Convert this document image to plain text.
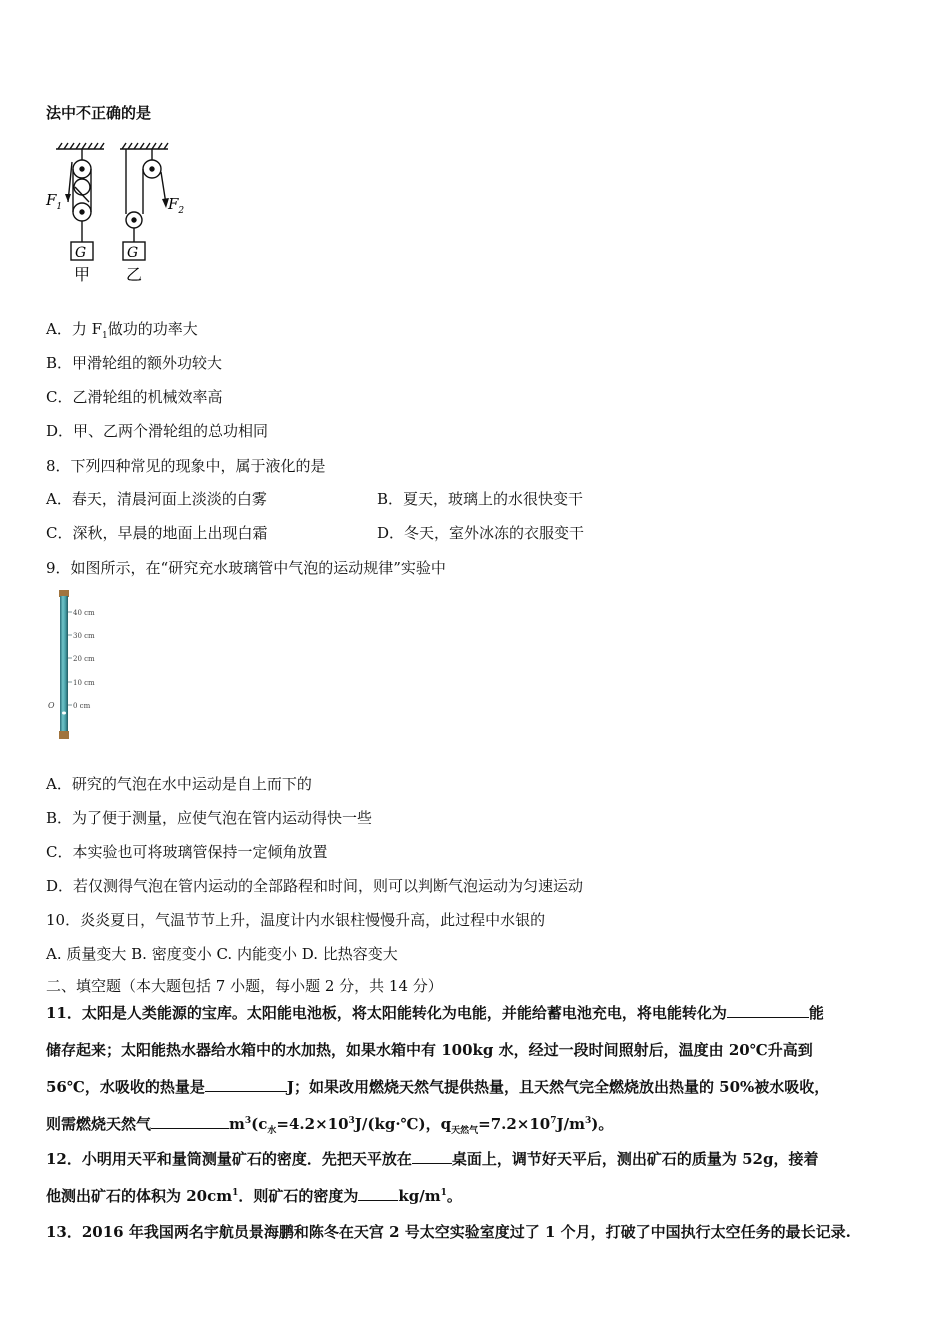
法中不正确的是
$F_1$	$F_2$
G	G
甲 乙
A．力 $F_1$做功的功率大
B．甲滑轮组的额外功较大
C．乙滑轮组的机械效率高
D．甲、乙两个滑轮组的总功相同
8．下列四种常见的现象中，属于液化的是
A．春天，清晨河面上淡淡的白雾	B．夏天，玻璃上的水很快变干
C．深秋，早晨的地面上出现白霜	D．冬天，室外冰冻的衣服变干
9．如图所示，在“研究充水玻璃管中气泡的运动规律”实验中
40 cm
30 cm
20 cm
10 cm
0 cm
O
A．研究的气泡在水中运动是自上而下的
B．为了便于测量，应使气泡在管内运动得快一些
C．本实验也可将玻璃管保持一定倾角放置
D．若仅测得气泡在管内运动的全部路程和时间，则可以判断气泡运动为匀速运动
10．炎炎夏日，气温节节上升，温度计内水银柱慢慢升高，此过程中水银的
A. 质量变大 B. 密度变小 C. 内能变小 D. 比热容变大
二、填空题（本大题包括 7 小题，每小题 2 分，共 14 分）
11．太阳是人类能源的宝库。太阳能电池板，将太阳能转化为电能，并能给蓄电池充电，将电能转化为	能
储存起来；太阳能热水器给水箱中的水加热，如果水箱中有 100kg 水，经过一段时间照射后，温度由 20℃升高到
56℃，水吸收的热量是	J；如果改用燃烧天然气提供热量，且天然气完全燃烧放出热量的 50%被水吸收，
则需燃烧天然气	$m^3(c_水=4.2\times 10^3J/(kg\cdot℃)$，$q_{天然气}=7.2\times 10^7J/m^3$)。
12．小明用天平和量筒测量矿石的密度．先把天平放在	桌面上，调节好天平后，测出矿石的质量为 52g，接着
他测出矿石的体积为 $20cm^1$．则矿石的密度为	$kg/m^1$。
13．2016 年我国两名宇航员景海鹏和陈冬在天宫 2 号太空实验室度过了 1 个月，打破了中国执行太空任务的最长记录.
